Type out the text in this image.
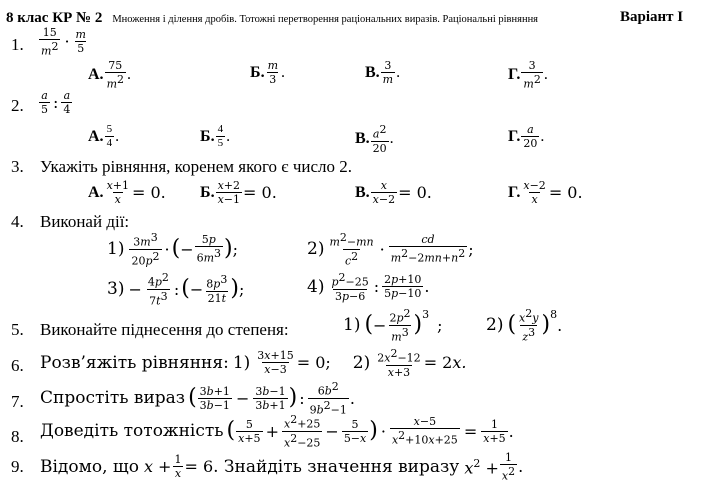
8 клас КР № 2 Множення і ділення дробів. Тотожні перетворення раціональних виразів. Раціональні рівняння	Варіант І
1.
15
$m^2 \cdot m$
5
А.
75
$m^2$ .	Б. m
3 .	В. 3
m .	Г.
3
$m^2$ .
2.
a
5 : a
4
А. 5
4 .	Б. 4
5 .	В. $a^2$
20
.	Г. a
20 .
3. Укажіть рівняння, коренем якого є число 2.
А. $\frac{x+1}{x} = 0$. Б. $\frac{x+2}{x-1} = 0$.	В. $\frac{x}{x-2} = 0$.	Г. $\frac{x-2}{x} = 0$.
4. Виконай дії:
1) $3m^3$
$20p^2$ · ( − $\frac{5p}{6m^3}$ ) ;	2) $m^2-mn$
$c^2$ ·	cd
$m^2-2mn+n^2$ ;
$3) - \frac{4p^2}{7t^3}$ : ( − $\frac{8p^3}{21t}$ ) ;	4) $p^2-25$
3p−6 : 2p+10
5p−10 .
5. Виконайте піднесення до степеня:	1) ( − $\frac{2p^2}{m^3} )^3$
;	2) ( $x^2y$
$z^3$ )$^8$
.
6. Розв’яжіть рівняння: $1) \frac{3x+15}{x-3} = 0$; $2) \frac{2x^2-12}{x+3} = 2x$.
7. Спростіть вираз ( 3b+1
$3b-1 - \frac{3b-1}{3b+1}$ ) : $6b^2$
$9b^2-1$
.
8. Доведіть тотожність ( 5
$x+5 + \frac{x^2+25}{x^2-25} - \frac{5}{5-x}$ ) · $\frac{x-5}{x^2+10x+25} = \frac{1}{x+5}$ .
9. Відомо, що $x + \frac{1}{x} = 6$ . Знайдіть значення виразу $x^2 + \frac{1}{x^2}$ .
